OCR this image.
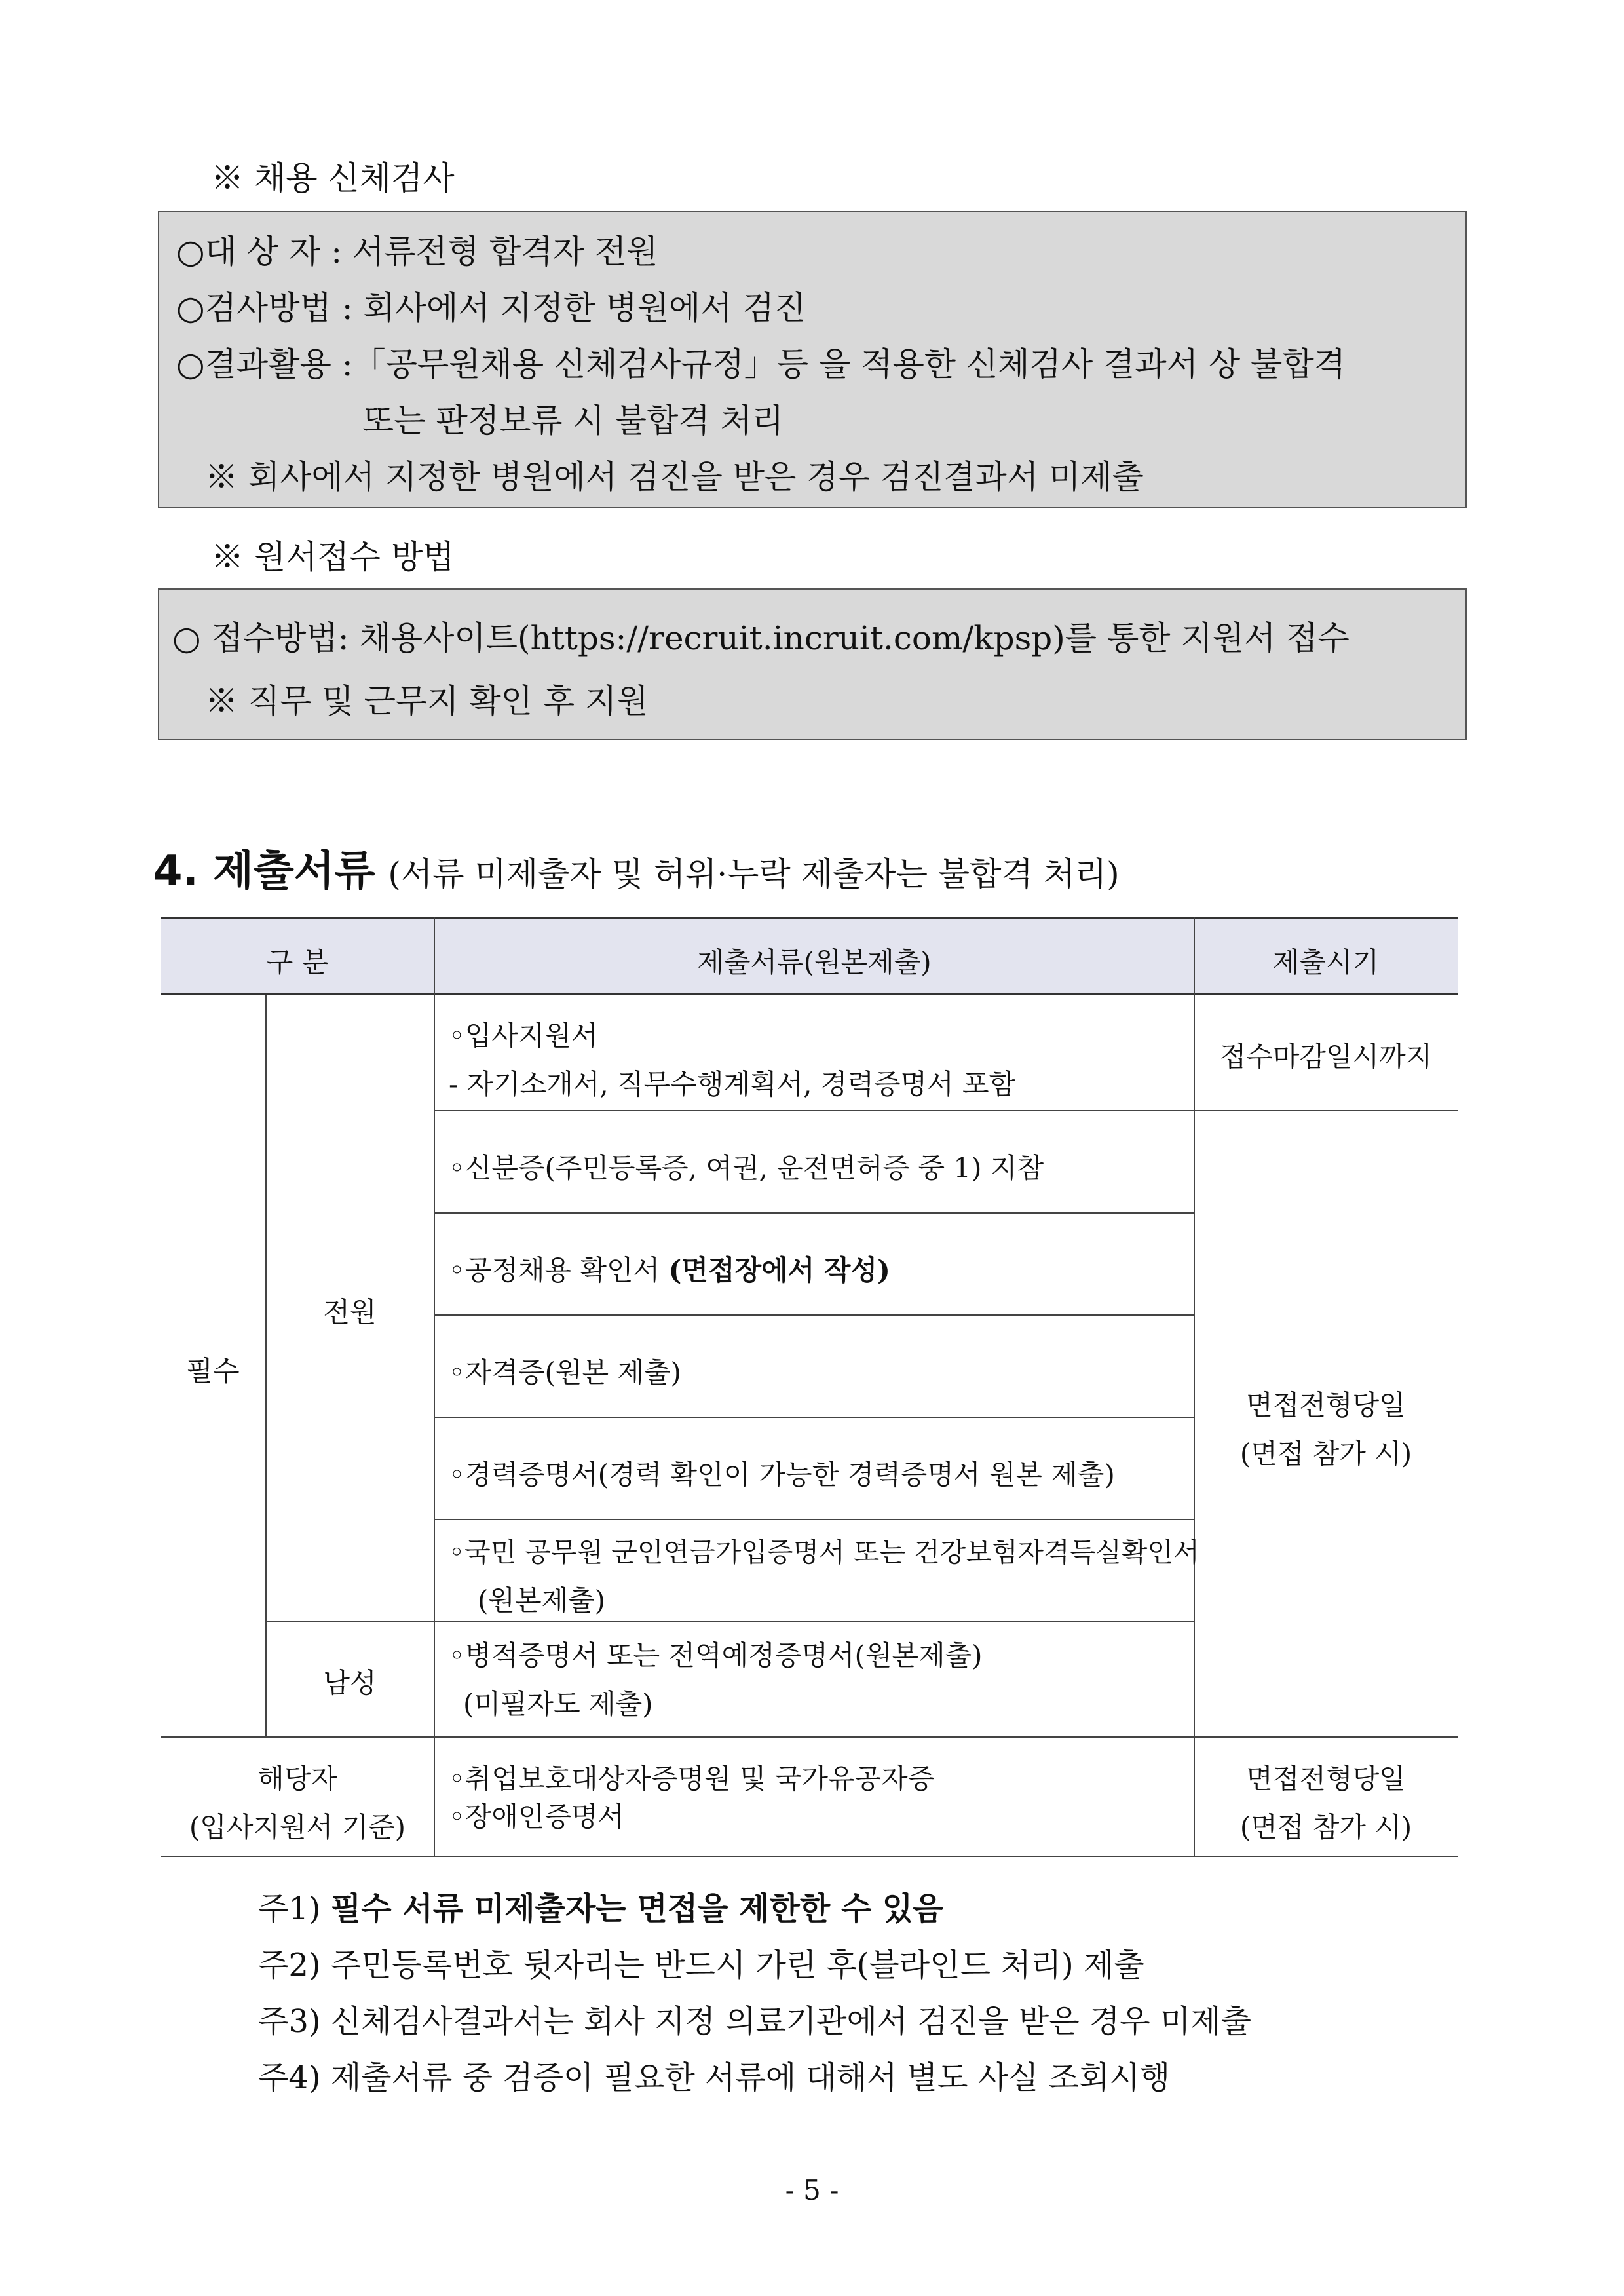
※ 채용 신체검사
○대 상 자 : 서류전형 합격자 전원
○검사방법 : 회사에서 지정한 병원에서 검진
○결과활용 :「공무원채용 신체검사규정」등 을 적용한 신체검사 결과서 상 불합격
또는 판정보류 시 불합격 처리
※ 회사에서 지정한 병원에서 검진을 받은 경우 검진결과서 미제출
※ 원서접수 방법
○ 접수방법: 채용사이트(https://recruit.incruit.com/kpsp)를 통한 지원서 접수
※ 직무 및 근무지 확인 후 지원
4. 제출서류 (서류 미제출자 및 허위·누락 제출자는 불합격 처리)
구 분	제출서류(원본제출)	제출시기
필수
전원
남성
해당자
(입사지원서 기준)
◦입사지원서
- 자기소개서, 직무수행계획서, 경력증명서 포함
◦신분증(주민등록증, 여권, 운전면허증 중 1) 지참
◦공정채용 확인서 (면접장에서 작성)
◦자격증(원본 제출)
◦경력증명서(경력 확인이 가능한 경력증명서 원본 제출)
◦국민 공무원 군인연금가입증명서 또는 건강보험자격득실확인서
(원본제출)
◦병적증명서 또는 전역예정증명서(원본제출)
(미필자도 제출)
◦취업보호대상자증명원 및 국가유공자증
◦장애인증명서
접수마감일시까지
면접전형당일
(면접 참가 시)
면접전형당일
(면접 참가 시)
주1) 필수 서류 미제출자는 면접을 제한한 수 있음
주2) 주민등록번호 뒷자리는 반드시 가린 후(블라인드 처리) 제출
주3) 신체검사결과서는 회사 지정 의료기관에서 검진을 받은 경우 미제출
주4) 제출서류 중 검증이 필요한 서류에 대해서 별도 사실 조회시행
- 5 -
